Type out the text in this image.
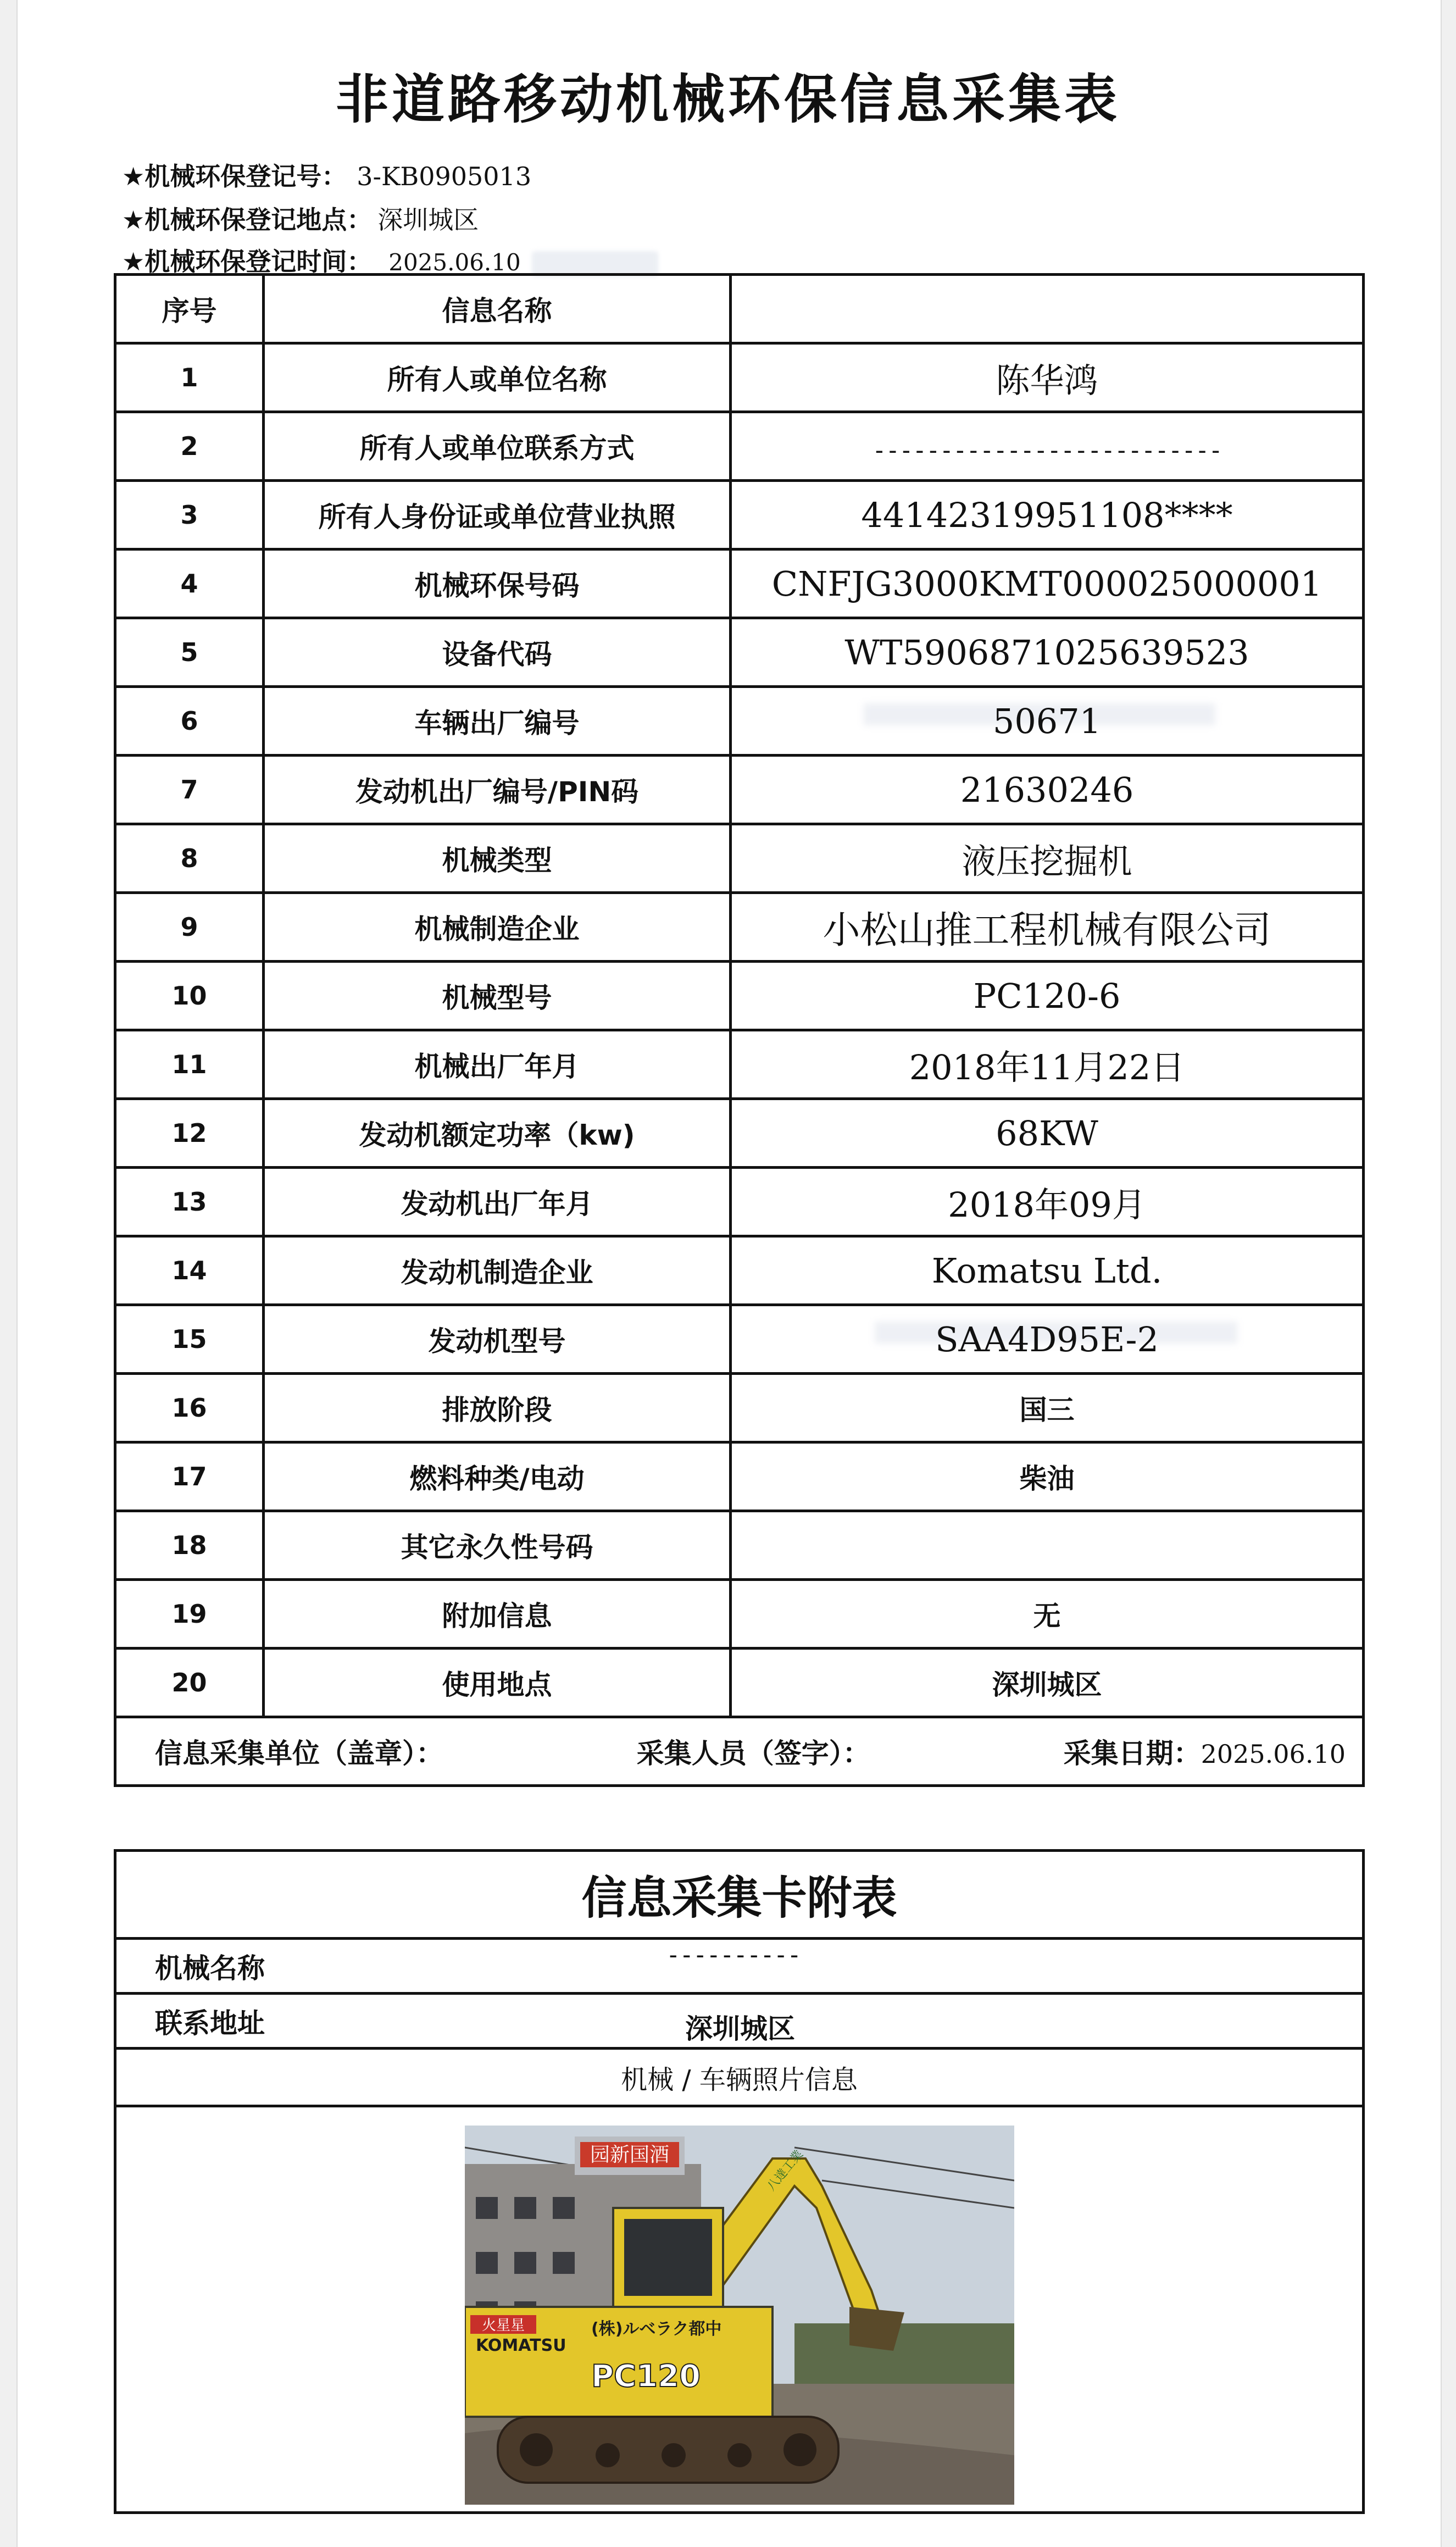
非道路移动机械环保信息采集表
★机械环保登记号： 3-KB0905013
★机械环保登记地点： 深圳城区
★机械环保登记时间： 2025.06.10
序号	信息名称	
1	所有人或单位名称	陈华鸿
2	所有人或单位联系方式	--------------------------
3	所有人身份证或单位营业执照	44142319951108****
4	机械环保号码	CNFJG3000KMT000025000001
5	设备代码	WT5906871025639523
6	车辆出厂编号	50671
7	发动机出厂编号/PIN码	21630246
8	机械类型	液压挖掘机
9	机械制造企业	小松山推工程机械有限公司
10	机械型号	PC120-6
11	机械出厂年月	2018年11月22日
12	发动机额定功率（kw)	68KW
13	发动机出厂年月	2018年09月
14	发动机制造企业	Komatsu Ltd.
15	发动机型号	SAA4D95E-2
16	排放阶段	国三
17	燃料种类/电动	柴油
18	其它永久性号码	
19	附加信息	无
20	使用地点	深圳城区

信息采集单位（盖章）： 采集人员（签字）： 采集日期：2025.06.10		
信息采集卡附表
机械名称	----------

联系地址	深圳城区

机械 / 车辆照片信息

园新国酒
火星星
KOMATSU
(株)ルベラク都中
PC120
八達工業
